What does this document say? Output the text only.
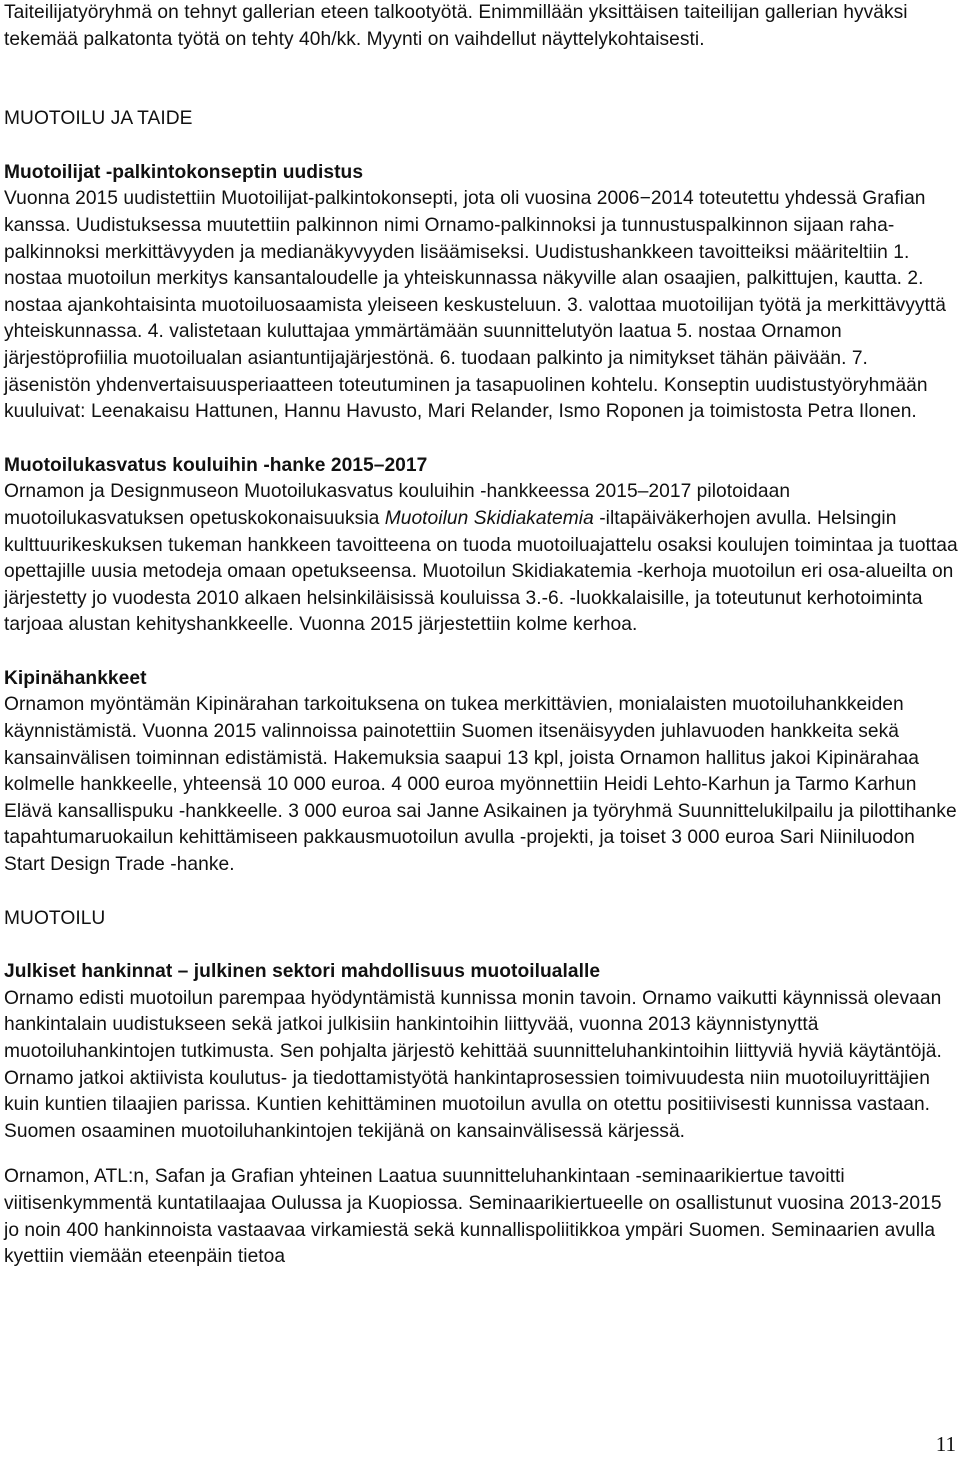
Taiteilijatyöryhmä on tehnyt gallerian eteen talkootyötä. Enimmillään yksittäisen taiteilijan gallerian hyväksi tekemää palkatonta työtä on tehty 40h/kk. Myynti on vaihdellut näyttelykohtaisesti.

MUOTOILU JA TAIDE

Muotoilijat -palkintokonseptin uudistus

Vuonna 2015 uudistettiin Muotoilijat-palkintokonsepti, jota oli vuosina 2006−2014 toteutettu yhdessä Grafian kanssa. Uudistuksessa muutettiin palkinnon nimi Ornamo-palkinnoksi ja tunnustuspalkinnon sijaan raha-palkinnoksi merkittävyyden ja medianäkyvyyden lisäämiseksi. Uudistushankkeen tavoitteiksi määriteltiin 1. nostaa muotoilun merkitys kansantaloudelle ja yhteiskunnassa näkyville alan osaajien, palkittujen, kautta. 2. nostaa ajankohtaisinta muotoiluosaamista yleiseen keskusteluun. 3. valottaa muotoilijan työtä ja merkittävyyttä yhteiskunnassa. 4. valistetaan kuluttajaa ymmärtämään suunnittelutyön laatua 5. nostaa Ornamon järjestöprofiilia muotoilualan asiantuntijajärjestönä. 6. tuodaan palkinto ja nimitykset tähän päivään. 7. jäsenistön yhdenvertaisuusperiaatteen toteutuminen ja tasapuolinen kohtelu. Konseptin uudistustyöryhmään kuuluivat: Leenakaisu Hattunen, Hannu Havusto, Mari Relander, Ismo Roponen ja toimistosta Petra Ilonen.

Muotoilukasvatus kouluihin -hanke 2015–2017

Ornamon ja Designmuseon Muotoilukasvatus kouluihin -hankkeessa 2015–2017 pilotoidaan muotoilukasvatuksen opetuskokonaisuuksia Muotoilun Skidiakatemia -iltapäiväkerhojen avulla. Helsingin kulttuurikeskuksen tukeman hankkeen tavoitteena on tuoda muotoiluajattelu osaksi koulujen toimintaa ja tuottaa opettajille uusia metodeja omaan opetukseensa. Muotoilun Skidiakatemia -kerhoja muotoilun eri osa-alueilta on järjestetty jo vuodesta 2010 alkaen helsinkiläisissä kouluissa 3.-6. -luokkalaisille, ja toteutunut kerhotoiminta tarjoaa alustan kehityshankkeelle. Vuonna 2015 järjestettiin kolme kerhoa.

Kipinähankkeet

Ornamon myöntämän Kipinärahan tarkoituksena on tukea merkittävien, monialaisten muotoiluhankkeiden käynnistämistä. Vuonna 2015 valinnoissa painotettiin Suomen itsenäisyyden juhlavuoden hankkeita sekä kansainvälisen toiminnan edistämistä. Hakemuksia saapui 13 kpl, joista Ornamon hallitus jakoi Kipinärahaa kolmelle hankkeelle, yhteensä 10 000 euroa. 4 000 euroa myönnettiin Heidi Lehto-Karhun ja Tarmo Karhun Elävä kansallispuku -hankkeelle. 3 000 euroa sai Janne Asikainen ja työryhmä Suunnittelukilpailu ja pilottihanke tapahtumaruokailun kehittämiseen pakkausmuotoilun avulla -projekti, ja toiset 3 000 euroa Sari Niiniluodon Start Design Trade -hanke.

MUOTOILU

Julkiset hankinnat – julkinen sektori mahdollisuus muotoilualalle

Ornamo edisti muotoilun parempaa hyödyntämistä kunnissa monin tavoin. Ornamo vaikutti käynnissä olevaan hankintalain uudistukseen sekä jatkoi julkisiin hankintoihin liittyvää, vuonna 2013 käynnistynyttä muotoiluhankintojen tutkimusta. Sen pohjalta järjestö kehittää suunnitteluhankintoihin liittyviä hyviä käytäntöjä. Ornamo jatkoi aktiivista koulutus- ja tiedottamistyötä hankintaprosessien toimivuudesta niin muotoiluyrittäjien kuin kuntien tilaajien parissa. Kuntien kehittäminen muotoilun avulla on otettu positiivisesti kunnissa vastaan. Suomen osaaminen muotoiluhankintojen tekijänä on kansainvälisessä kärjessä.

Ornamon, ATL:n, Safan ja Grafian yhteinen Laatua suunnitteluhankintaan -seminaarikiertue tavoitti viitisenkymmentä kuntatilaajaa Oulussa ja Kuopiossa. Seminaarikiertueelle on osallistunut vuosina 2013-2015 jo noin 400 hankinnoista vastaavaa virkamiestä sekä kunnallispoliitikkoa ympäri Suomen. Seminaarien avulla kyettiin viemään eteenpäin tietoa

11
